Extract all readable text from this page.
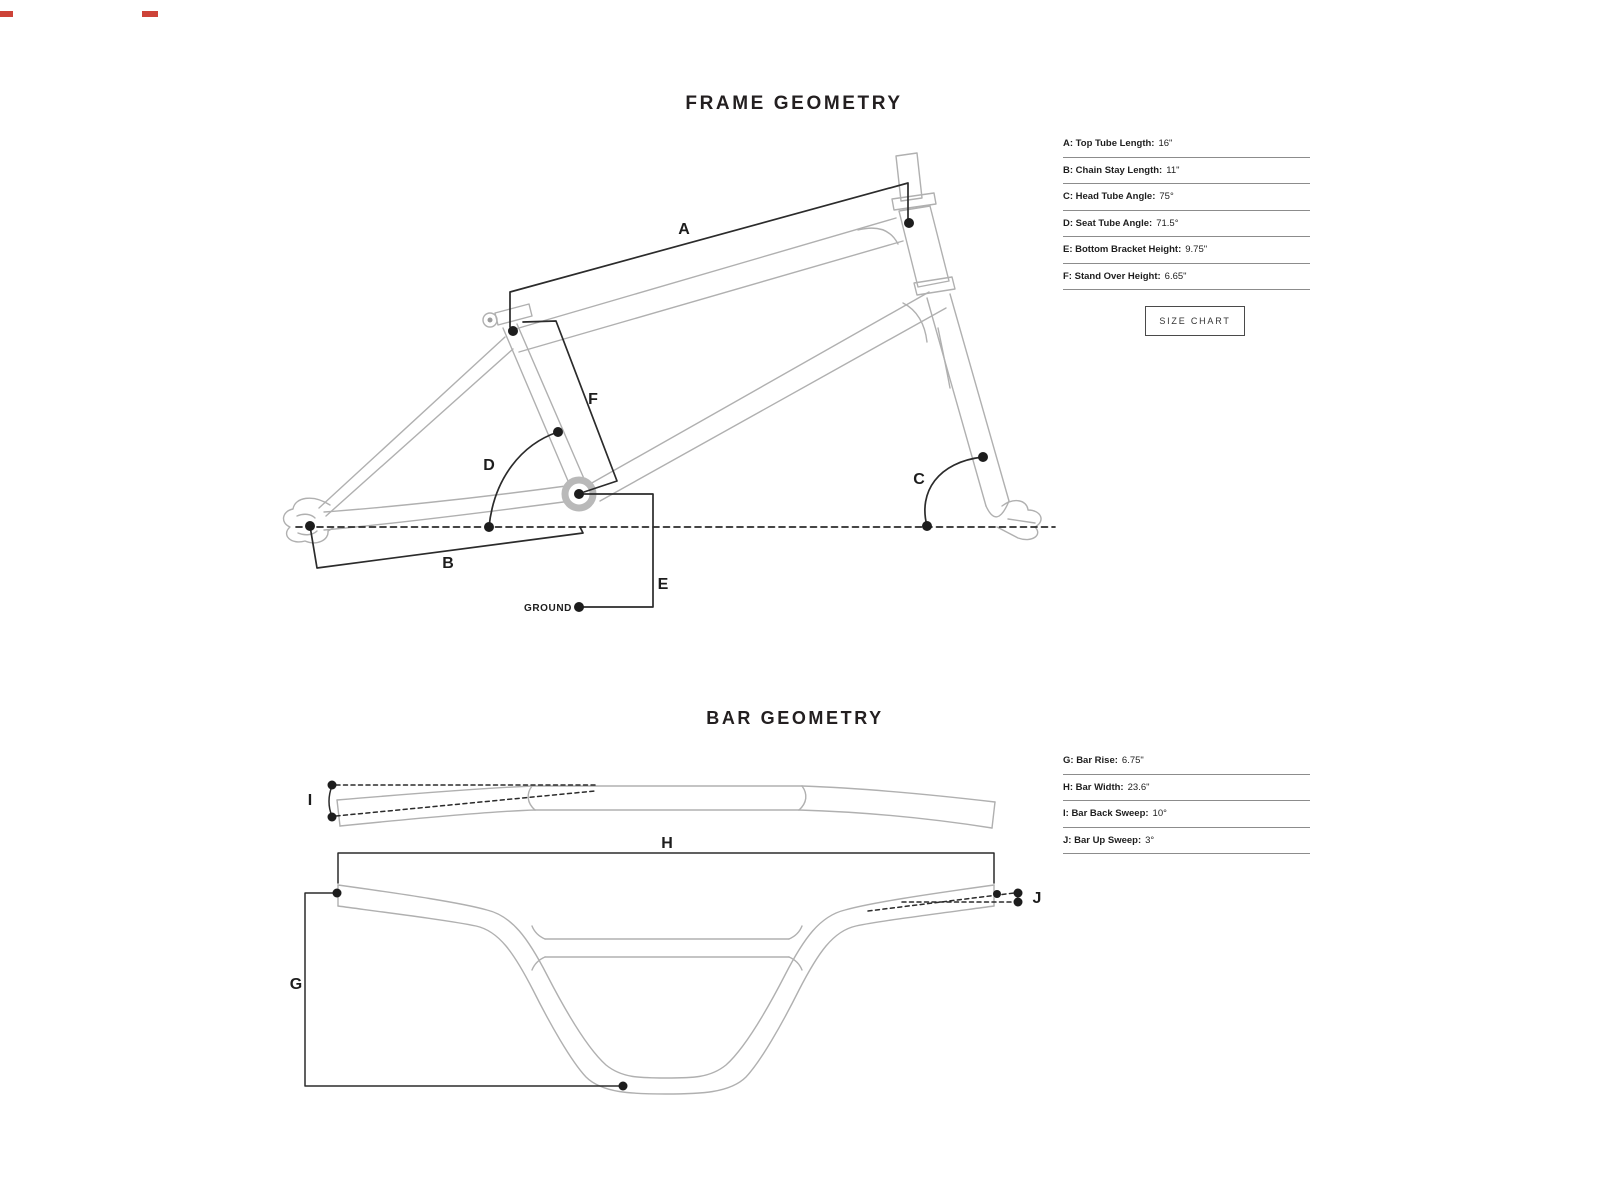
FRAME GEOMETRY
BAR GEOMETRY
A
B
C
D
E
F
GROUND
G
H
I
J
A: Top Tube Length: 16"
B: Chain Stay Length: 11"
C: Head Tube Angle: 75°
D: Seat Tube Angle: 71.5°
E: Bottom Bracket Height: 9.75"
F: Stand Over Height: 6.65"
SIZE CHART
G: Bar Rise: 6.75"
H: Bar Width: 23.6"
I: Bar Back Sweep: 10°
J: Bar Up Sweep: 3°
